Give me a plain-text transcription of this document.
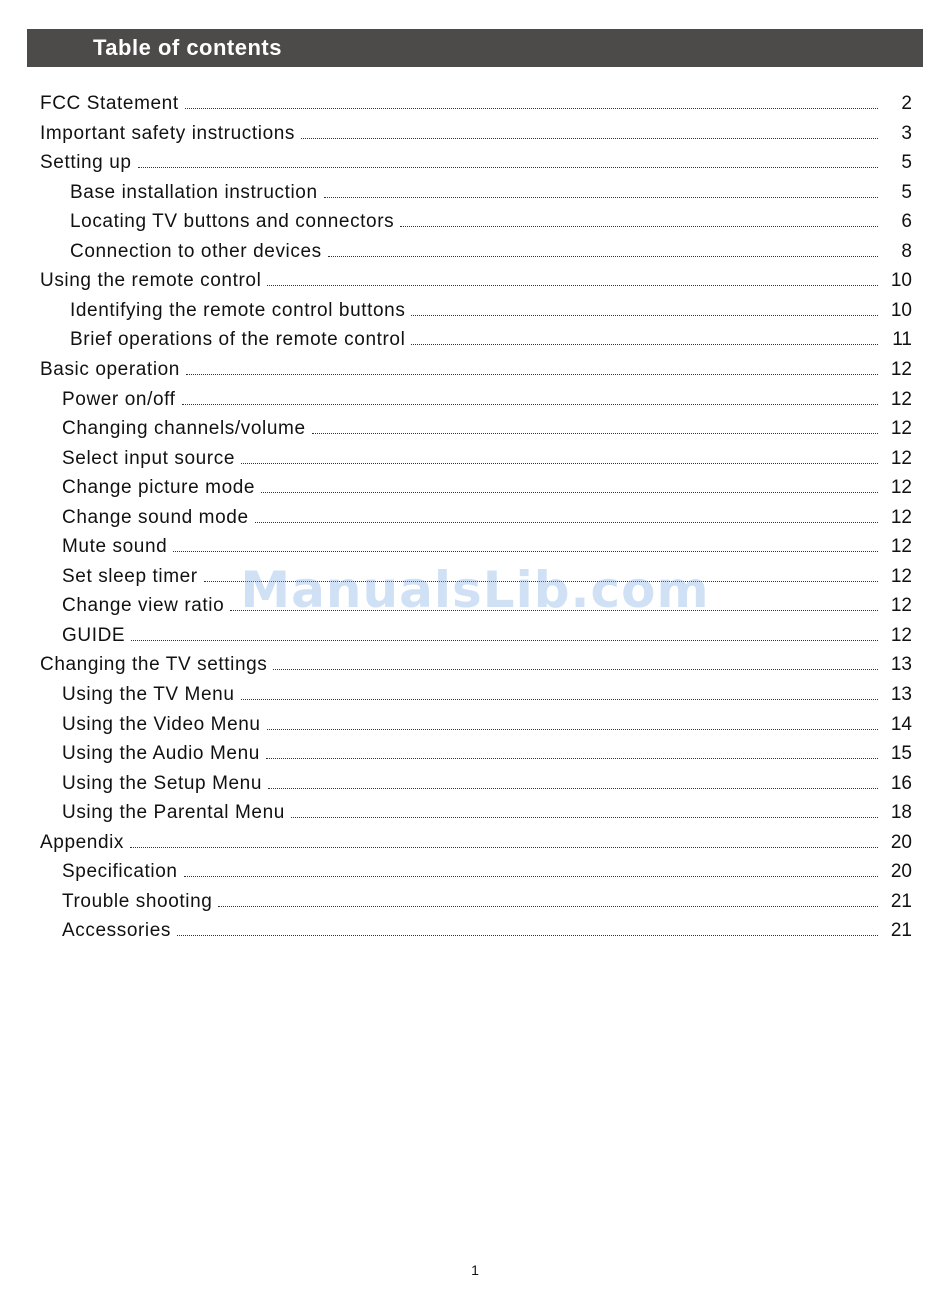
Table of contents
FCC Statement	2
Important safety instructions	3
Setting up	5
Base installation instruction	5
Locating TV buttons and connectors	6
Connection to other devices	8
Using the remote control	10
Identifying the remote control buttons	10
Brief operations of the remote control	11
Basic operation	12
Power on/off	12
Changing channels/volume	12
Select input source	12
Change picture mode	12
Change sound mode	12
Mute sound	12
Set sleep timer	12
Change view ratio	12
GUIDE	12
Changing the TV settings	13
Using the TV Menu	13
Using the Video Menu	14
Using the Audio Menu	15
Using the Setup Menu	16
Using the Parental Menu	18
Appendix	20
Specification	20
Trouble shooting	21
Accessories	21
ManualsLib.com
1
